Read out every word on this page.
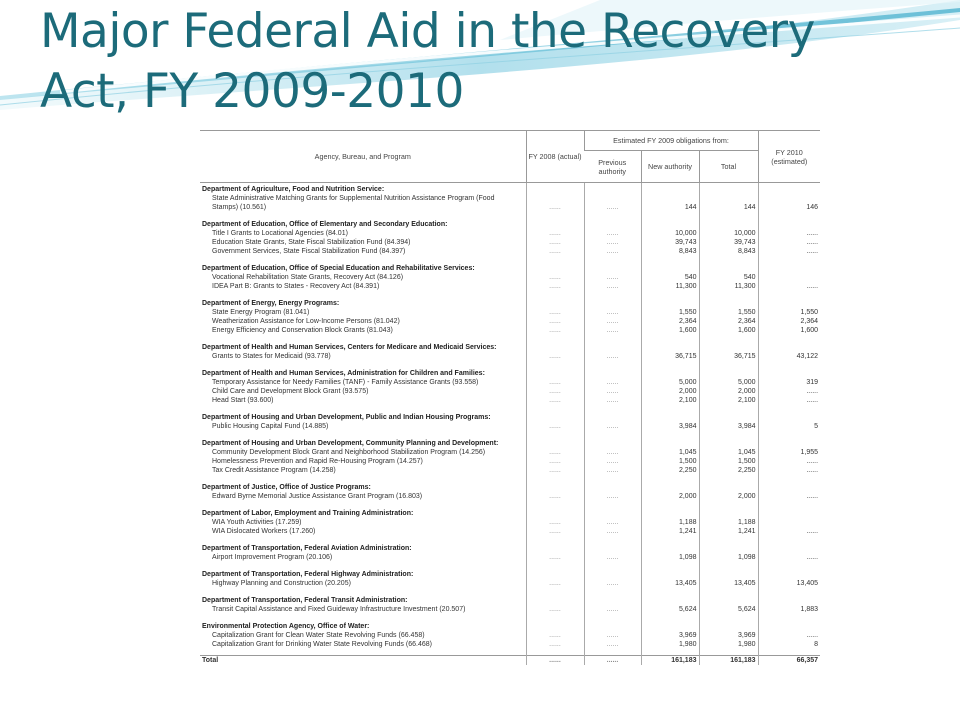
Major Federal Aid in the Recovery
Act, FY 2009-2010
Agency, Bureau, and Program	FY 2008 (actual)	Estimated FY 2009 obligations from:			FY 2010 (estimated)
		Previous authority	New authority	Total	
Department of Agriculture, Food and Nutrition Service:					
State Administrative Matching Grants for Supplemental Nutrition Assistance Program (Food					
Stamps) (10.561)	......	......	144	144	146

Department of Education, Office of Elementary and Secondary Education:					
Title I Grants to Locational Agencies (84.01)	......	......	10,000	10,000	......
Education State Grants, State Fiscal Stabilization Fund (84.394)	......	......	39,743	39,743	......
Government Services, State Fiscal Stabilization Fund (84.397)	......	......	8,843	8,843	......

Department of Education, Office of Special Education and Rehabilitative Services:					
Vocational Rehabilitation State Grants, Recovery Act (84.126)	......	......	540	540	
IDEA Part B: Grants to States - Recovery Act (84.391)	......	......	11,300	11,300	......

Department of Energy, Energy Programs:					
State Energy Program (81.041)	......	......	1,550	1,550	1,550
Weatherization Assistance for Low-Income Persons (81.042)	......	......	2,364	2,364	2,364
Energy Efficiency and Conservation Block Grants (81.043)	......	......	1,600	1,600	1,600

Department of Health and Human Services, Centers for Medicare and Medicaid Services:					
Grants to States for Medicaid (93.778)	......	......	36,715	36,715	43,122

Department of Health and Human Services, Administration for Children and Families:					
Temporary Assistance for Needy Families (TANF) - Family Assistance Grants (93.558)	......	......	5,000	5,000	319
Child Care and Development Block Grant (93.575)	......	......	2,000	2,000	......
Head Start (93.600)	......	......	2,100	2,100	......

Department of Housing and Urban Development, Public and Indian Housing Programs:					
Public Housing Capital Fund (14.885)	......	......	3,984	3,984	5

Department of Housing and Urban Development, Community Planning and Development:					
Community Development Block Grant and Neighborhood Stabilization Program (14.256)	......	......	1,045	1,045	1,955
Homelessness Prevention and Rapid Re-Housing Program (14.257)	......	......	1,500	1,500	......
Tax Credit Assistance Program (14.258)	......	......	2,250	2,250	......

Department of Justice, Office of Justice Programs:					
Edward Byrne Memorial Justice Assistance Grant Program (16.803)	......	......	2,000	2,000	......

Department of Labor, Employment and Training Administration:					
WIA Youth Activities (17.259)	......	......	1,188	1,188	
WIA Dislocated Workers (17.260)	......	......	1,241	1,241	......

Department of Transportation, Federal Aviation Administration:					
Airport Improvement Program (20.106)	......	......	1,098	1,098	......

Department of Transportation, Federal Highway Administration:					
Highway Planning and Construction (20.205)	......	......	13,405	13,405	13,405

Department of Transportation, Federal Transit Administration:					
Transit Capital Assistance and Fixed Guideway Infrastructure Investment (20.507)	......	......	5,624	5,624	1,883

Environmental Protection Agency, Office of Water:					
Capitalization Grant for Clean Water State Revolving Funds (66.458)	......	......	3,969	3,969	......
Capitalization Grant for Drinking Water State Revolving Funds (66.468)	......	......	1,980	1,980	8

Total	......	......	161,183	161,183	66,357
